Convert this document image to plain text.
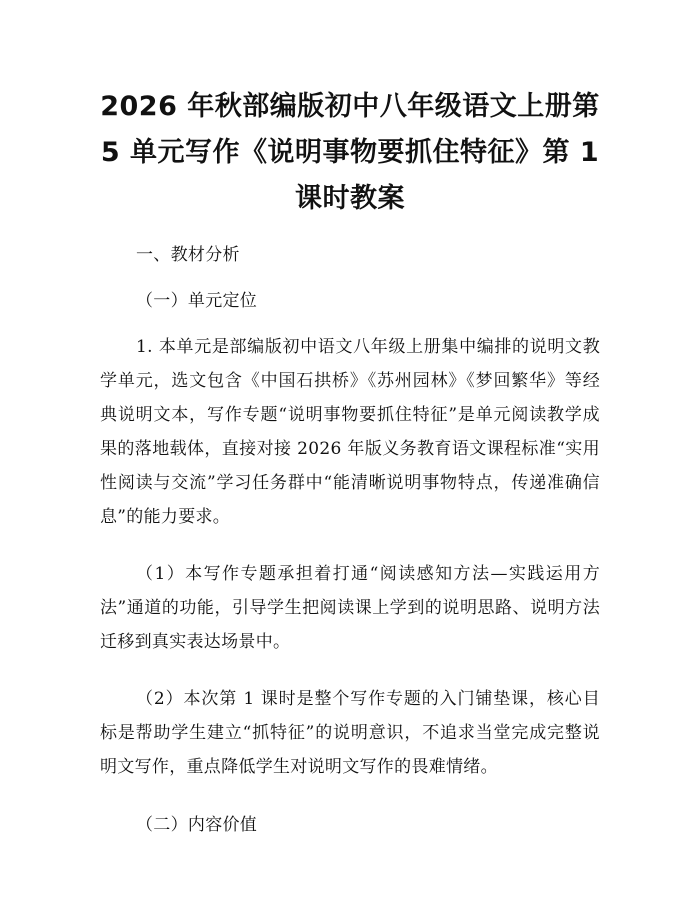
2026 年秋部编版初中八年级语文上册第 5 单元写作《说明事物要抓住特征》第 1 课时教案
一、教材分析
（一）单元定位
1. 本单元是部编版初中语文八年级上册集中编排的说明文教学单元，选文包含《中国石拱桥》《苏州园林》《梦回繁华》等经典说明文本，写作专题“说明事物要抓住特征”是单元阅读教学成果的落地载体，直接对接 2026 年版义务教育语文课程标准“实用性阅读与交流”学习任务群中“能清晰说明事物特点，传递准确信息”的能力要求。
（1）本写作专题承担着打通“阅读感知方法—实践运用方法”通道的功能，引导学生把阅读课上学到的说明思路、说明方法迁移到真实表达场景中。
（2）本次第 1 课时是整个写作专题的入门铺垫课，核心目标是帮助学生建立“抓特征”的说明意识，不追求当堂完成完整说明文写作，重点降低学生对说明文写作的畏难情绪。
（二）内容价值
